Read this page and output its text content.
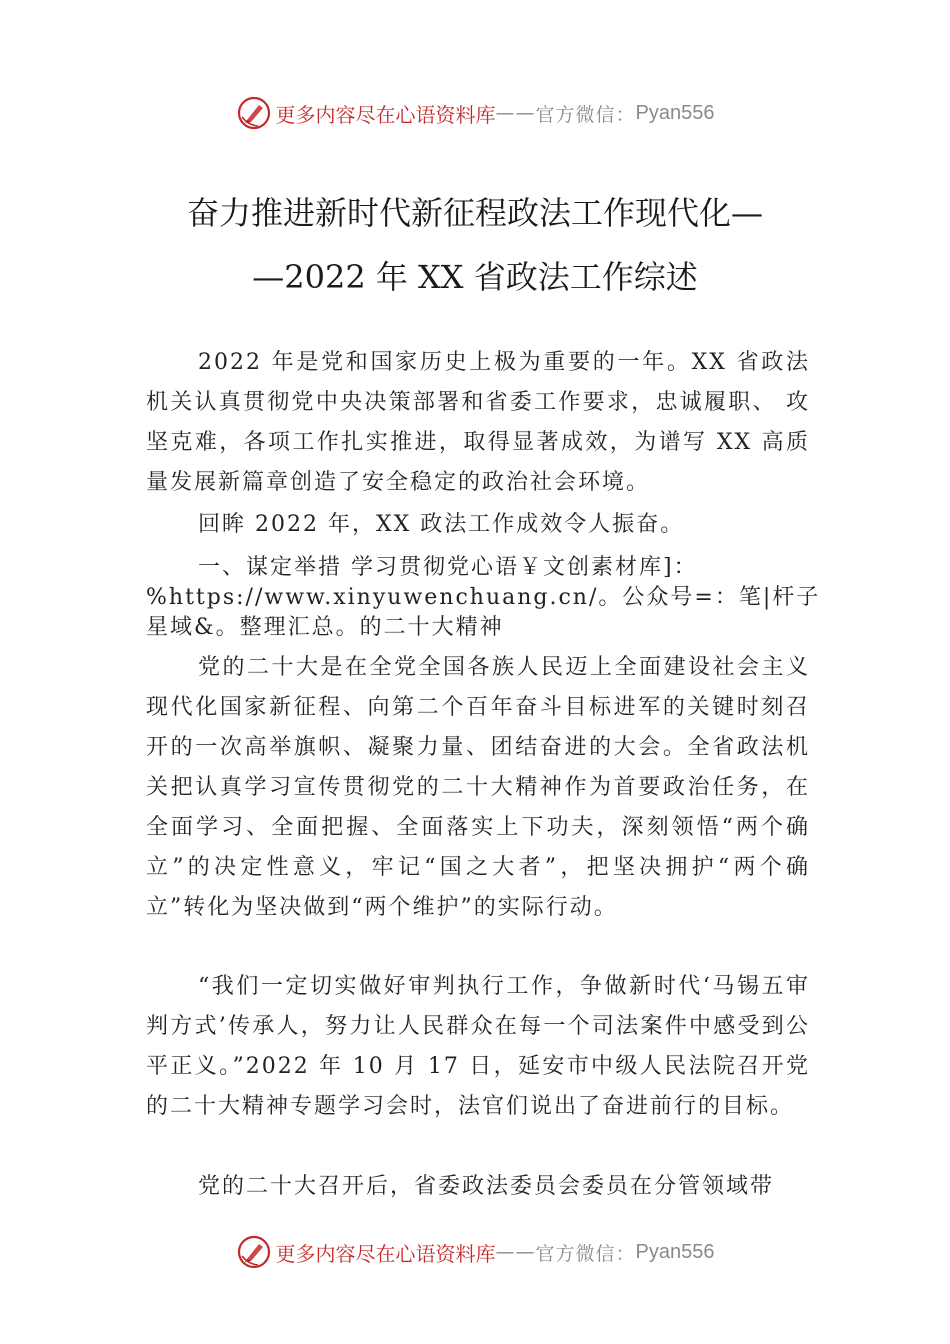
更多内容尽在心语资料库 —— 官方微信： Pyan556
奋力推进新时代新征程政法工作现代化—
—2022 年 XX 省政法工作综述

2022 年是党和国家历史上极为重要的一年。XX 省政法机关认真贯彻党中央决策部署和省委工作要求，忠诚履职、 攻坚克难，各项工作扎实推进，取得显著成效，为谱写 XX 高质量发展新篇章创造了安全稳定的政治社会环境。

回眸 2022 年，XX 政法工作成效令人振奋。

一、谋定举措 学习贯彻党心语￥文创素材库]：
%https://www.xinyuwenchuang.cn/。公众号=：笔|杆子
星域&。整理汇总。的二十大精神

党的二十大是在全党全国各族人民迈上全面建设社会主义现代化国家新征程、向第二个百年奋斗目标进军的关键时刻召开的一次高举旗帜、凝聚力量、团结奋进的大会。全省政法机关把认真学习宣传贯彻党的二十大精神作为首要政治任务，在全面学习、全面把握、全面落实上下功夫，深刻领悟“两个确立”的决定性意义，牢记“国之大者”，把坚决拥护“两个确立”转化为坚决做到“两个维护”的实际行动。

“我们一定切实做好审判执行工作，争做新时代‘马锡五审判方式’传承人，努力让人民群众在每一个司法案件中感受到公平正义。”2022 年 10 月 17 日，延安市中级人民法院召开党的二十大精神专题学习会时，法官们说出了奋进前行的目标。

党的二十大召开后，省委政法委员会委员在分管领域带

更多内容尽在心语资料库 —— 官方微信： Pyan556
